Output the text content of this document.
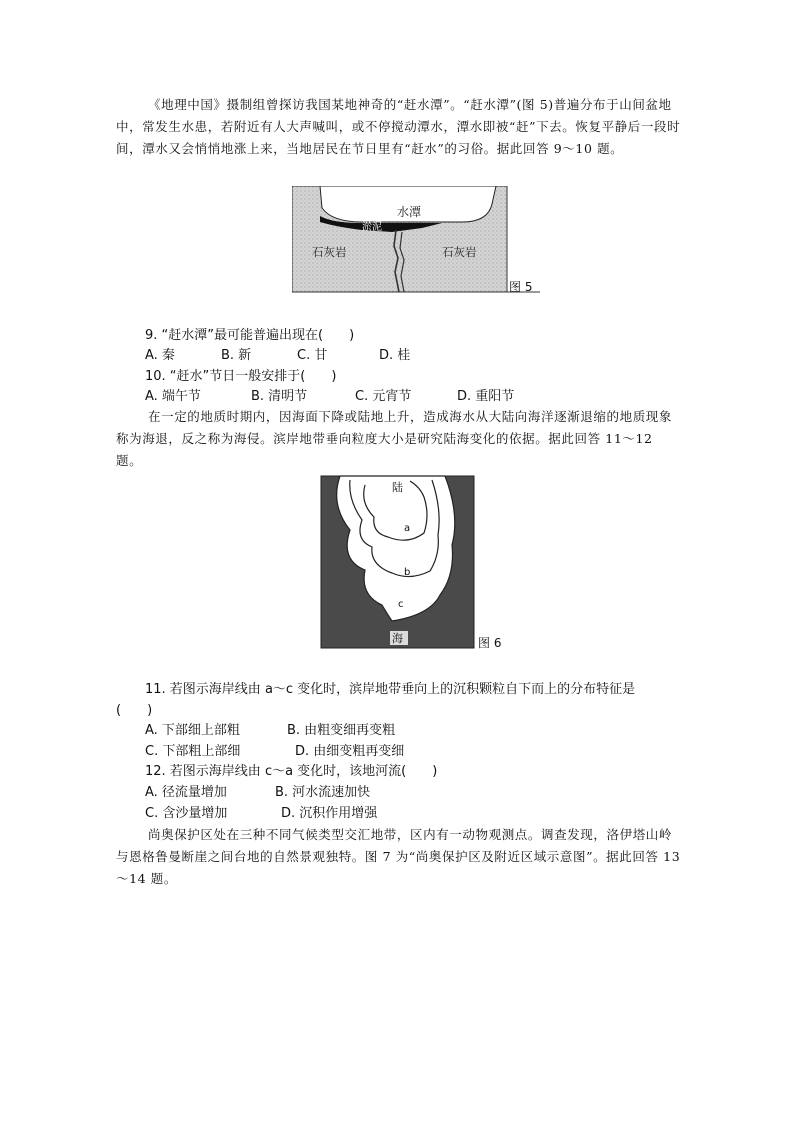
《地理中国》摄制组曾探访我国某地神奇的“赶水潭”。“赶水潭”(图 5)普遍分布于山间盆地中，常发生水患，若附近有人大声喊叫，或不停搅动潭水，潭水即被“赶”下去。恢复平静后一段时间，潭水又会悄悄地涨上来，当地居民在节日里有“赶水”的习俗。据此回答 9～10 题。
水潭
淤泥
石灰岩	石灰岩
图 5
9. “赶水潭”最可能普遍出现在(　　)
A. 秦	B. 新	C. 甘	D. 桂
10. “赶水”节日一般安排于(　　)
A. 端午节	B. 清明节	C. 元宵节	D. 重阳节
在一定的地质时期内，因海面下降或陆地上升，造成海水从大陆向海洋逐渐退缩的地质现象称为海退，反之称为海侵。滨岸地带垂向粒度大小是研究陆海变化的依据。据此回答 11～12 题。
陆
a
b
c
海	图 6
11. 若图示海岸线由 a～c 变化时，滨岸地带垂向上的沉积颗粒自下而上的分布特征是
(　　)
A. 下部细上部粗	B. 由粗变细再变粗
C. 下部粗上部细	D. 由细变粗再变细
12. 若图示海岸线由 c～a 变化时，该地河流(　　)
A. 径流量增加	B. 河水流速加快
C. 含沙量增加	D. 沉积作用增强
尚奥保护区处在三种不同气候类型交汇地带，区内有一动物观测点。调查发现，洛伊塔山岭与恩格鲁曼断崖之间台地的自然景观独特。图 7 为“尚奥保护区及附近区域示意图”。据此回答 13～14 题。
